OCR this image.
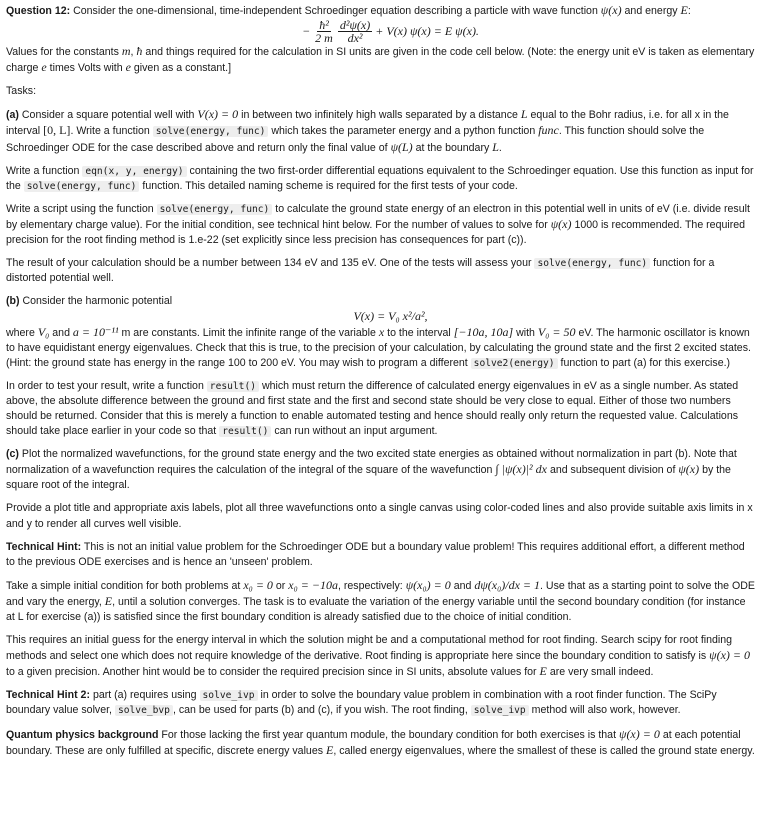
Question 12: Consider the one-dimensional, time-independent Schroedinger equation describing a particle with wave function ψ(x) and energy E:

− $\frac{\text{ħ²}}{2 m} \frac{\text{d²ψ(x)}}{\text{dx²}} + V(x) \psi(x) = E$ ψ(x).

Values for the constants m, ħ and things required for the calculation in SI units are given in the code cell below. (Note: the energy unit eV is taken as elementary charge e times Volts with e given as a constant.]

Tasks:

(a) Consider a square potential well with V(x) = 0 in between two infinitely high walls separated by a distance L equal to the Bohr radius, i.e. for all x in the interval [0, L]. Write a function solve(energy, func) which takes the parameter energy and a python function func. This function should solve the Schroedinger ODE for the case described above and return only the final value of ψ(L) at the boundary L.

Write a function eqn(x, y, energy) containing the two first-order differential equations equivalent to the Schroedinger equation. Use this function as input for the solve(energy, func) function. This detailed naming scheme is required for the first tests of your code.

Write a script using the function solve(energy, func) to calculate the ground state energy of an electron in this potential well in units of eV (i.e. divide result by elementary charge value). For the initial condition, see technical hint below. For the number of values to solve for ψ(x) 1000 is recommended. The required precision for the root finding method is 1.e-22 (set explicitly since less precision has consequences for part (c)).

The result of your calculation should be a number between 134 eV and 135 eV. One of the tests will assess your solve(energy, func) function for a distorted potential well.

(b) Consider the harmonic potential

V(x) = V₀ x²/a²,

where V₀ and a = 10⁻¹¹ m are constants. Limit the infinite range of the variable x to the interval [−10a, 10a] with V₀ = 50 eV. The harmonic oscillator is known to have equidistant energy eigenvalues. Check that this is true, to the precision of your calculation, by calculating the ground state and the first 2 excited states. (Hint: the ground state has energy in the range 100 to 200 eV. You may wish to program a different solve2(energy) function to part (a) for this exercise.)

In order to test your result, write a function result() which must return the difference of calculated energy eigenvalues in eV as a single number. As stated above, the absolute difference between the ground and first state and the first and second state should be very close to equal. Either of those two numbers should be returned. Consider that this is merely a function to enable automated testing and hence should really only return the requested value. Calculations should take place earlier in your code so that result() can run without an input argument.

(c) Plot the normalized wavefunctions, for the ground state energy and the two excited state energies as obtained without normalization in part (b). Note that normalization of a wavefunction requires the calculation of the integral of the square of the wavefunction ∫ |ψ(x)|² dx and subsequent division of ψ(x) by the square root of the integral.

Provide a plot title and appropriate axis labels, plot all three wavefunctions onto a single canvas using color-coded lines and also provide suitable axis limits in x and y to render all curves well visible.

Technical Hint: This is not an initial value problem for the Schroedinger ODE but a boundary value problem! This requires additional effort, a different method to the previous ODE exercises and is hence an 'unseen' problem.

Take a simple initial condition for both problems at x₀ = 0 or x₀ = −10a, respectively: ψ(x₀) = 0 and dψ(x₀)/dx = 1. Use that as a starting point to solve the ODE and vary the energy, E, until a solution converges. The task is to evaluate the variation of the energy variable until the second boundary condition (for instance at L for exercise (a)) is satisfied since the first boundary condition is already satisfied due to the choice of initial condition.

This requires an initial guess for the energy interval in which the solution might be and a computational method for root finding. Search scipy for root finding methods and select one which does not require knowledge of the derivative. Root finding is appropriate here since the boundary condition to satisfy is ψ(x) = 0 to a given precision. Another hint would be to consider the required precision since in SI units, absolute values for E are very small indeed.

Technical Hint 2: part (a) requires using solve_ivp in order to solve the boundary value problem in combination with a root finder function. The SciPy boundary value solver, solve_bvp , can be used for parts (b) and (c), if you wish. The root finding, solve_ivp method will also work, however.

Quantum physics background For those lacking the first year quantum module, the boundary condition for both exercises is that ψ(x) = 0 at each potential boundary. These are only fulfilled at specific, discrete energy values E, called energy eigenvalues, where the smallest of these is called the ground state energy.
